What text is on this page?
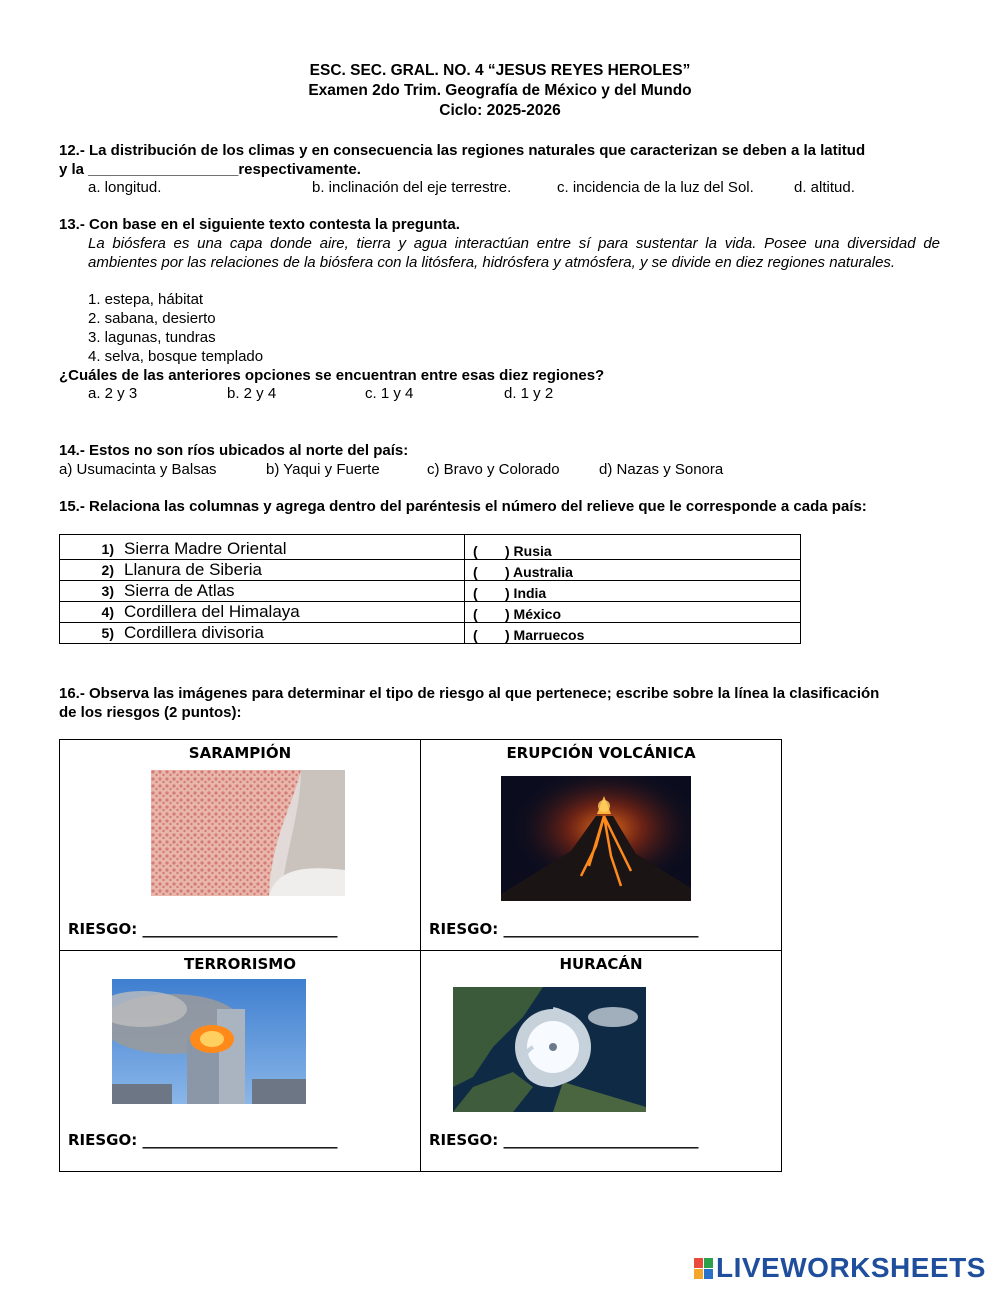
ESC. SEC. GRAL. NO. 4 “JESUS REYES HEROLES”
Examen 2do Trim. Geografía de México y del Mundo
Ciclo: 2025-2026
12.- La distribución de los climas y en consecuencia las regiones naturales que caracterizan se deben a la latitud
y la __________________respectivamente.
a. longitud.	b. inclinación del eje terrestre.	c. incidencia de la luz del Sol.	d. altitud.
13.- Con base en el siguiente texto contesta la pregunta.
La biósfera es una capa donde aire, tierra y agua interactúan entre sí para sustentar la vida. Posee una diversidad de ambientes por las relaciones de la biósfera con la litósfera, hidrósfera y atmósfera, y se divide en diez regiones naturales.
1. estepa, hábitat
2. sabana, desierto
3. lagunas, tundras
4. selva, bosque templado
¿Cuáles de las anteriores opciones se encuentran entre esas diez regiones?
a. 2 y 3	b. 2 y 4	c. 1 y 4	d. 1 y 2
14.- Estos no son ríos ubicados al norte del país:
a) Usumacinta y Balsas	b) Yaqui y Fuerte	c) Bravo y Colorado	d) Nazas y Sonora
15.- Relaciona las columnas y agrega dentro del paréntesis el número del relieve que le corresponde a cada país:
1) Sierra Madre Oriental	( ) Rusia
2) Llanura de Siberia	( ) Australia
3) Sierra de Atlas	( ) India
4) Cordillera del Himalaya	( ) México
5) Cordillera divisoria	( ) Marruecos
16.- Observa las imágenes para determinar el tipo de riesgo al que pertenece; escribe sobre la línea la clasificación
de los riesgos (2 puntos):
SARAMPIÓN
RIESGO: __________________________
ERUPCIÓN VOLCÁNICA
RIESGO: __________________________
TERRORISMO
RIESGO: __________________________
HURACÁN
RIESGO: __________________________
LIVEWORKSHEETS
